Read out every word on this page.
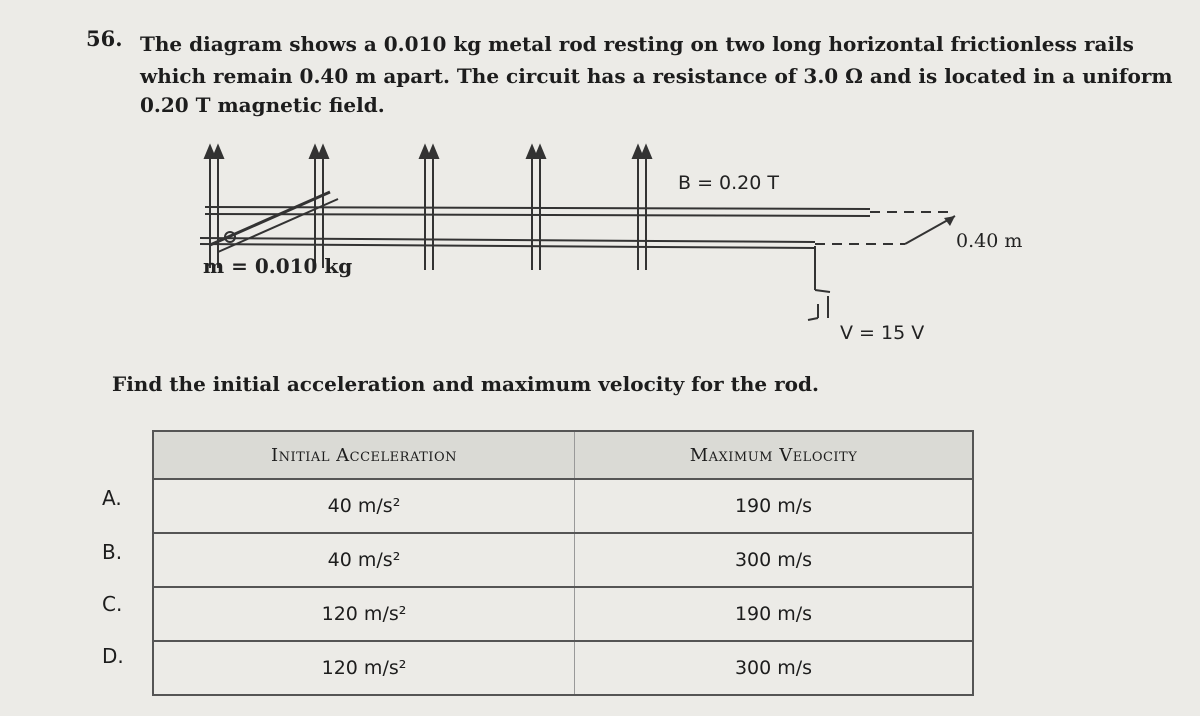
56. The diagram shows a 0.010 kg metal rod resting on two long horizontal frictionless rails
which remain 0.40 m apart. The circuit has a resistance of 3.0 Ω and is located in a uniform
0.20 T magnetic field.
m = 0.010 kg
B = 0.20 T
0.40 m
V = 15 V
Find the initial acceleration and maximum velocity for the rod.
A.
B.
C.
D.
Initial Acceleration	Maximum Velocity
40 m/s²	190 m/s
40 m/s²	300 m/s
120 m/s²	190 m/s
120 m/s²	300 m/s
